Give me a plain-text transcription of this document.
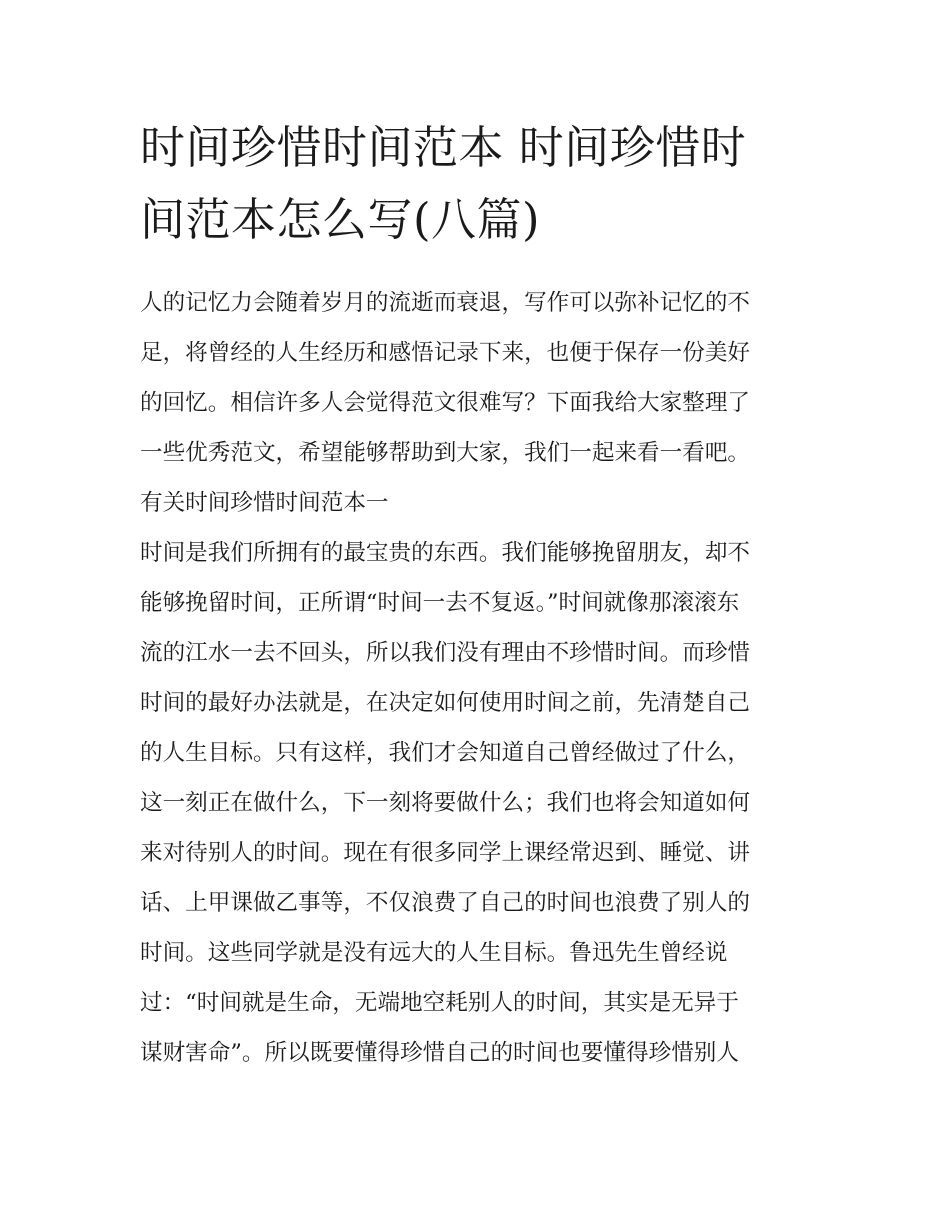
时间珍惜时间范本 时间珍惜时
间范本怎么写(八篇)

人的记忆力会随着岁月的流逝而衰退，写作可以弥补记忆的不

足，将曾经的人生经历和感悟记录下来，也便于保存一份美好

的回忆。相信许多人会觉得范文很难写？下面我给大家整理了

一些优秀范文，希望能够帮助到大家，我们一起来看一看吧。

有关时间珍惜时间范本一

时间是我们所拥有的最宝贵的东西。我们能够挽留朋友，却不

能够挽留时间，正所谓“时间一去不复返。”时间就像那滚滚东

流的江水一去不回头，所以我们没有理由不珍惜时间。而珍惜

时间的最好办法就是，在决定如何使用时间之前，先清楚自己

的人生目标。只有这样，我们才会知道自己曾经做过了什么，

这一刻正在做什么，下一刻将要做什么；我们也将会知道如何

来对待别人的时间。现在有很多同学上课经常迟到、睡觉、讲

话、上甲课做乙事等，不仅浪费了自己的时间也浪费了别人的

时间。这些同学就是没有远大的人生目标。鲁迅先生曾经说

过：“时间就是生命，无端地空耗别人的时间，其实是无异于

谋财害命”。所以既要懂得珍惜自己的时间也要懂得珍惜别人
